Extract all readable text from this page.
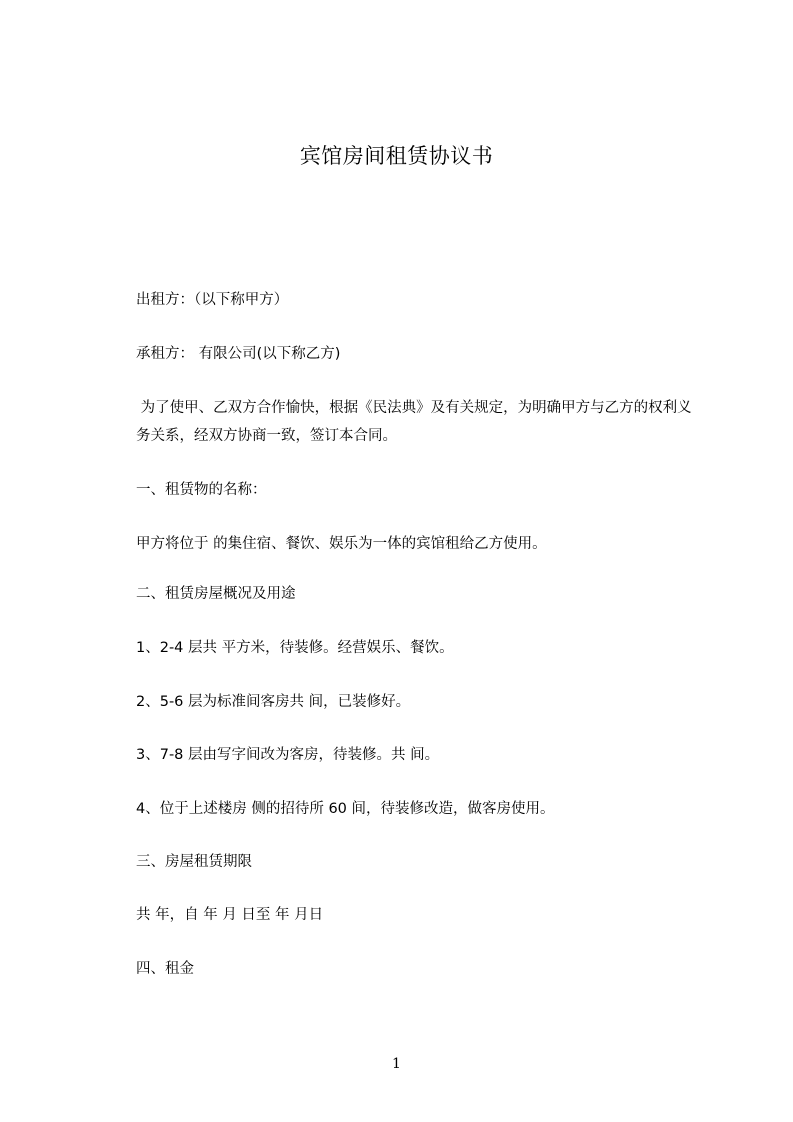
宾馆房间租赁协议书

出租方：（以下称甲方）

承租方： 有限公司(以下称乙方)

为了使甲、乙双方合作愉快，根据《民法典》及有关规定，为明确甲方与乙方的权利义务关系，经双方协商一致，签订本合同。

一、租赁物的名称：

甲方将位于 的集住宿、餐饮、娱乐为一体的宾馆租给乙方使用。

二、租赁房屋概况及用途

1、2-4 层共 平方米，待装修。经营娱乐、餐饮。

2、5-6 层为标准间客房共 间，已装修好。

3、7-8 层由写字间改为客房，待装修。共 间。

4、位于上述楼房 侧的招待所 60 间，待装修改造，做客房使用。

三、房屋租赁期限

共 年，自 年 月 日至 年 月日

四、租金

1
